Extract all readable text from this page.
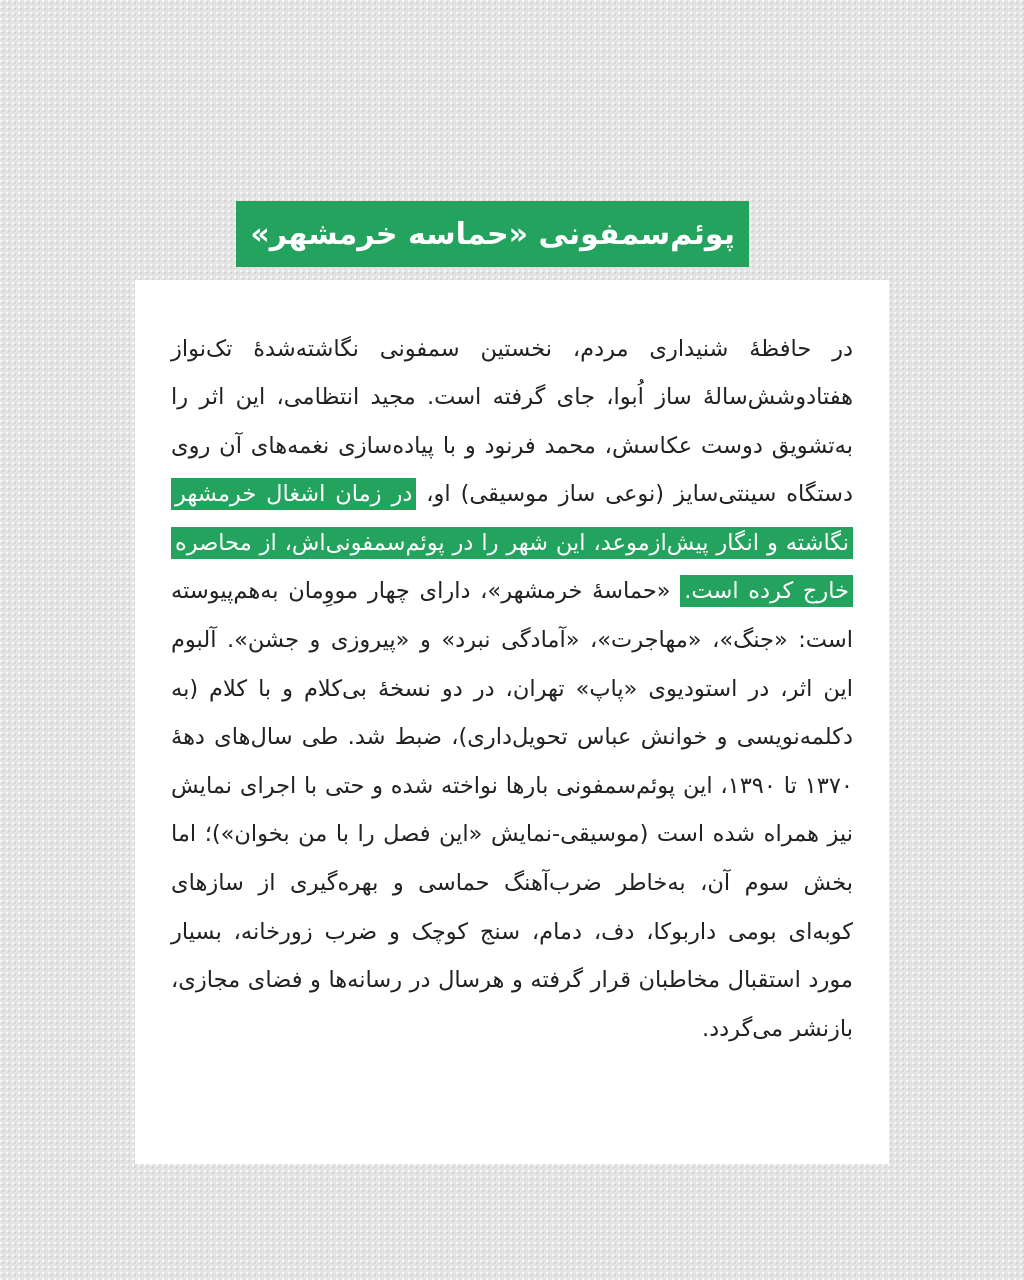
در حافظهٔ شنیداری مردم، نخستین سمفونی نگاشته‌شدهٔ تک‌نواز هفتادوشش‌سالهٔ ساز اُبوا، جای گرفته است. مجید انتظامی، این اثر را به‌تشویق دوست عکاسش، محمد فرنود و با پیاده‌سازی نغمه‌های آن روی دستگاه سینتی‌سایز (نوعی ساز موسیقی) او، در زمان اشغال خرمشهر نگاشته و انگار پیش‌ازموعد، این شهر را در پوئم‌سمفونی‌اش، از محاصره خارج کرده است. «حماسهٔ خرمشهر»، دارای چهار مووِمان به‌هم‌پیوسته است: «جنگ»، «مهاجرت»، «آمادگی نبرد» و «پیروزی و جشن». آلبوم این اثر، در استودیوی «پاپ» تهران، در دو نسخهٔ بی‌کلام و با کلام (به دکلمه‌نویسی و خوانش عباس تحویل‌داری)، ضبط شد. طی سال‌های دههٔ ۱۳۷۰ تا ۱۳۹۰، این پوئم‌سمفونی بارها نواخته شده و حتی با اجرای نمایش نیز همراه شده است (موسیقی-نمایش «این فصل را با من بخوان»)؛ اما بخش سوم آن، به‌خاطر ضرب‌آهنگ حماسی و بهره‌گیری از سازهای کوبه‌ای بومی داربوکا، دف، دمام، سنج کوچک و ضرب زورخانه، بسیار مورد استقبال مخاطبان قرار گرفته و هرسال در رسانه‌ها و فضای مجازی، بازنشر می‌گردد.

پوئم‌سمفونی «حماسه خرمشهر»
